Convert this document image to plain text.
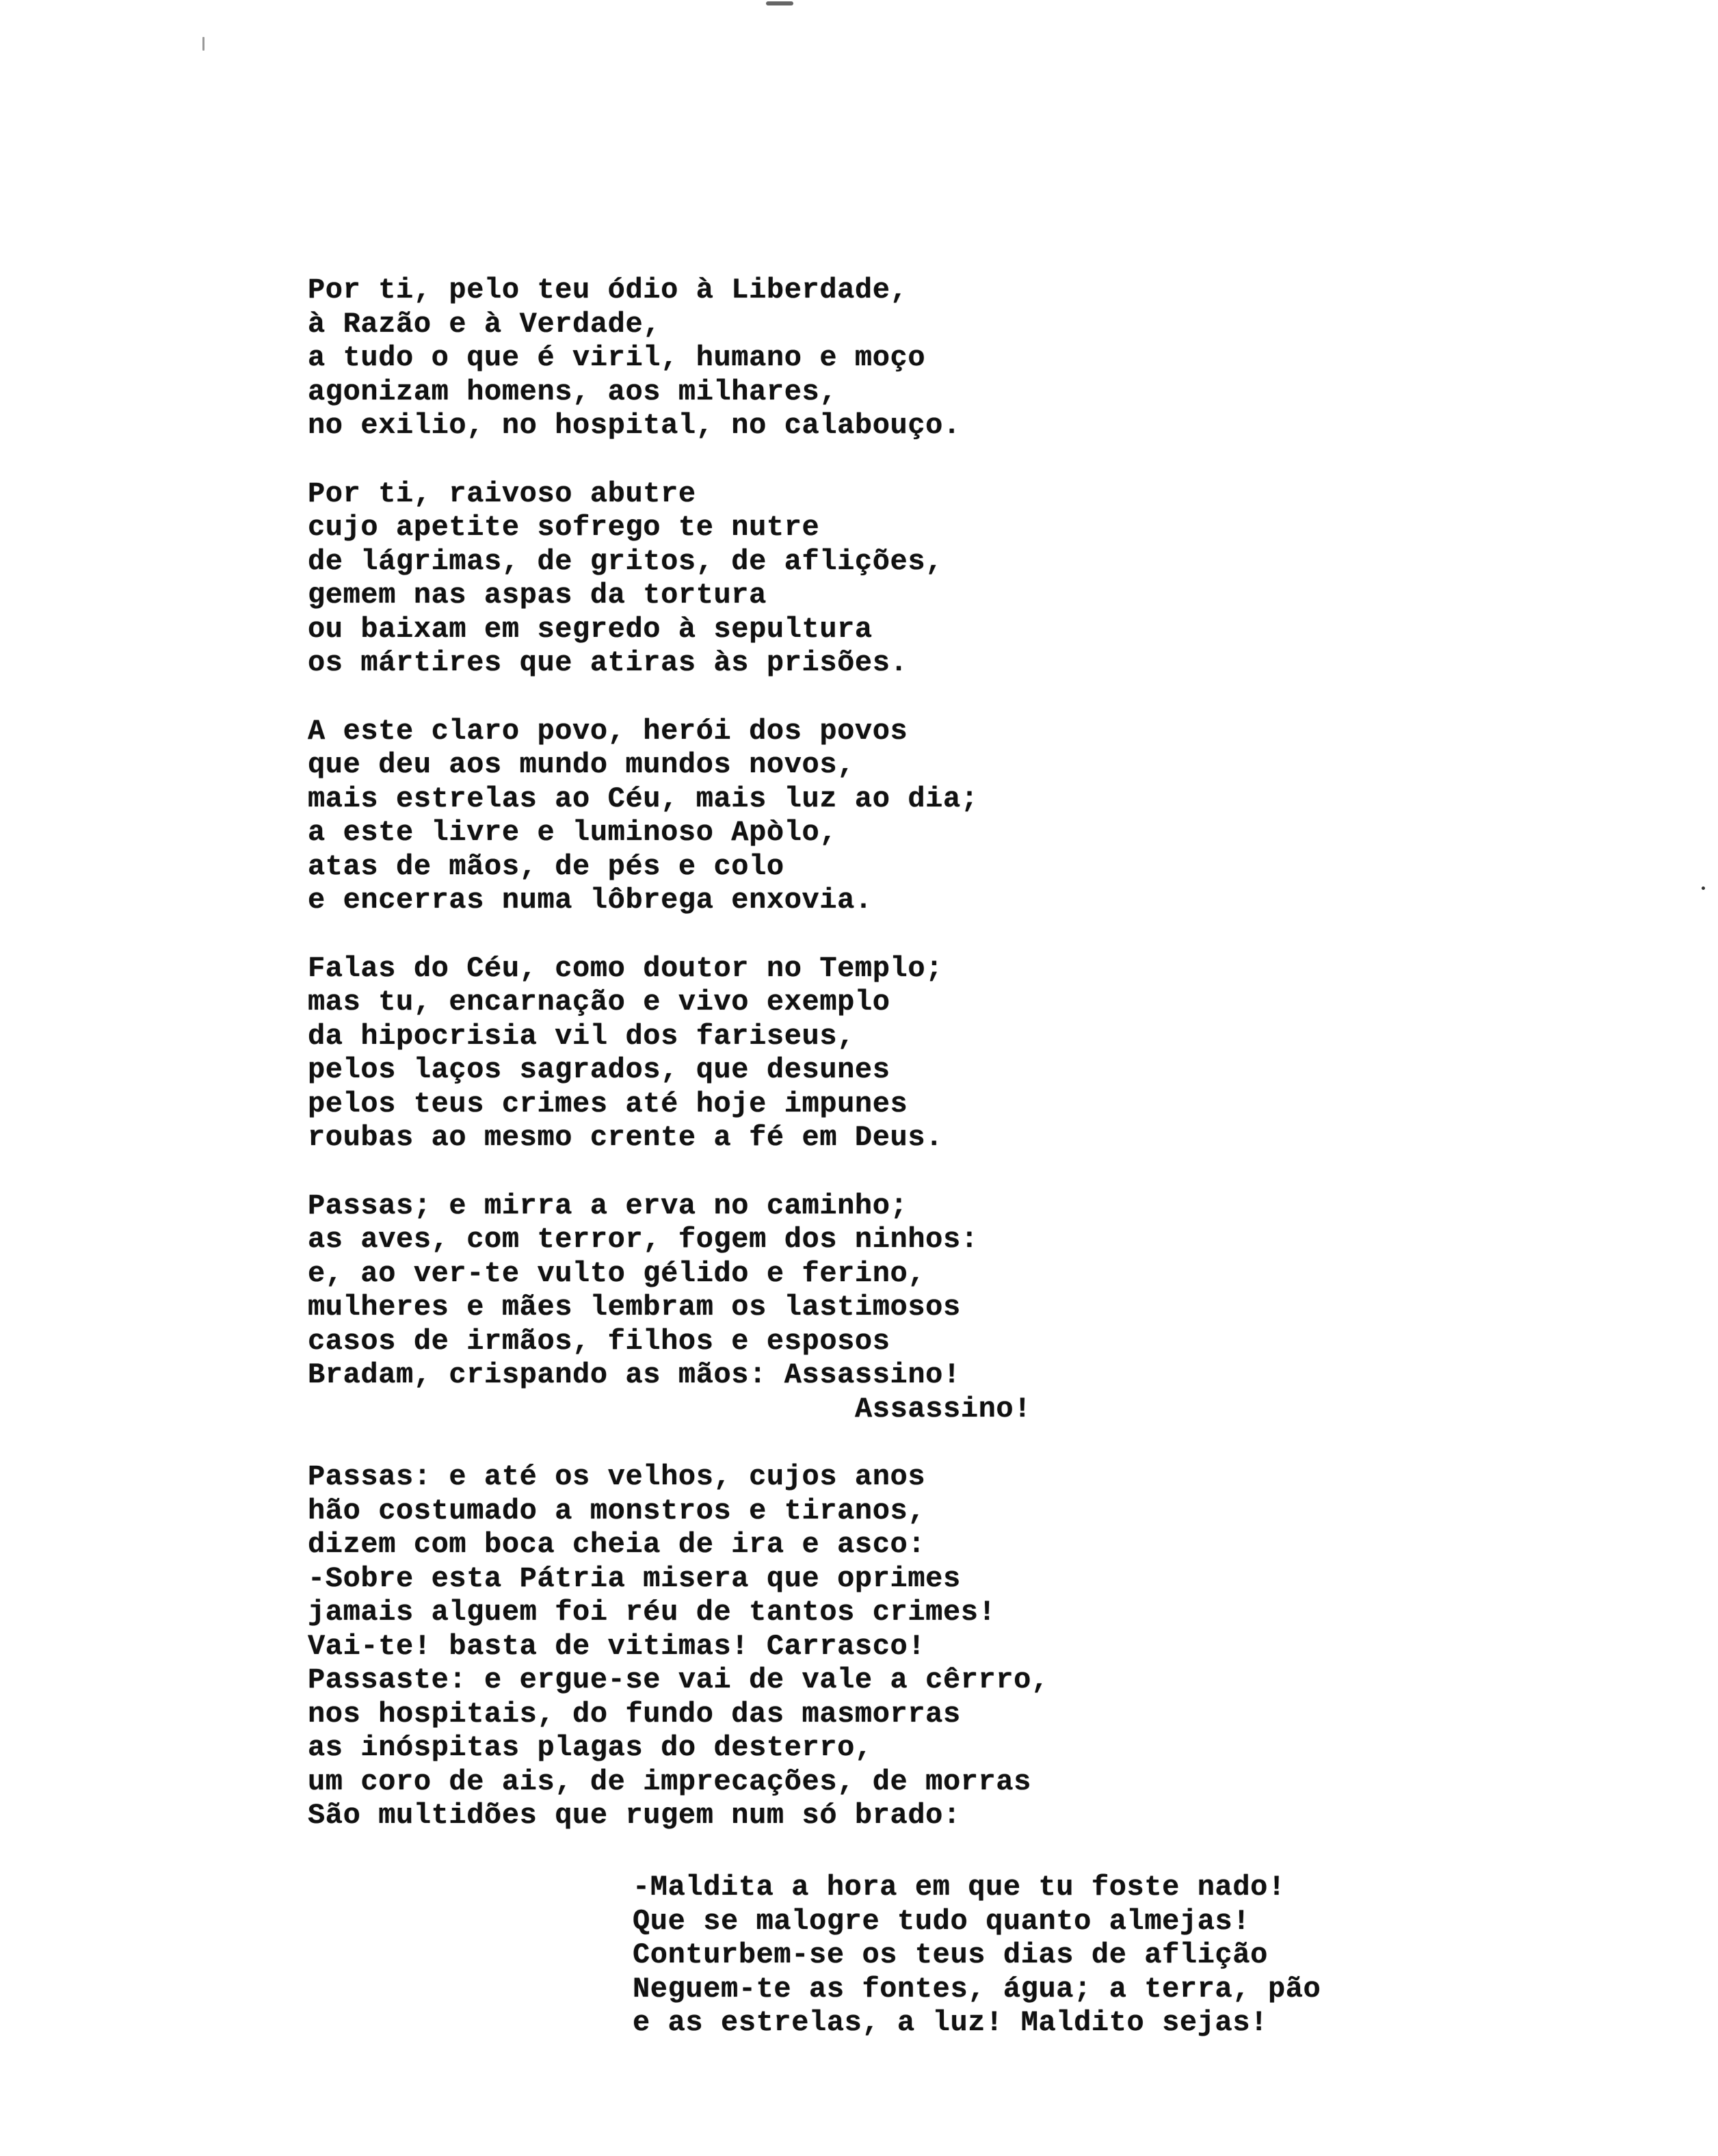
Por ti, pelo teu ódio à Liberdade,
à Razão e à Verdade,
a tudo o que é viril, humano e moço
agonizam homens, aos milhares,
no exilio, no hospital, no calabouço.
Por ti, raivoso abutre
cujo apetite sofrego te nutre
de lágrimas, de gritos, de aflições,
gemem nas aspas da tortura
ou baixam em segredo à sepultura
os mártires que atiras às prisões.
A este claro povo, herói dos povos
que deu aos mundo mundos novos,
mais estrelas ao Céu, mais luz ao dia;
a este livre e luminoso Apòlo,
atas de mãos, de pés e colo
e encerras numa lôbrega enxovia.
Falas do Céu, como doutor no Templo;
mas tu, encarnação e vivo exemplo
da hipocrisia vil dos fariseus,
pelos laços sagrados, que desunes
pelos teus crimes até hoje impunes
roubas ao mesmo crente a fé em Deus.
Passas; e mirra a erva no caminho;
as aves, com terror, fogem dos ninhos:
e, ao ver-te vulto gélido e ferino,
mulheres e mães lembram os lastimosos
casos de irmãos, filhos e esposos
Bradam, crispando as mãos: Assassino!
Assassino!
Passas: e até os velhos, cujos anos
hão costumado a monstros e tiranos,
dizem com boca cheia de ira e asco:
-Sobre esta Pátria misera que oprimes
jamais alguem foi réu de tantos crimes!
Vai-te! basta de vitimas! Carrasco!
Passaste: e ergue-se vai de vale a cêrrro,
nos hospitais, do fundo das masmorras
as inóspitas plagas do desterro,
um coro de ais, de imprecações, de morras
São multidões que rugem num só brado:
-Maldita a hora em que tu foste nado!
Que se malogre tudo quanto almejas!
Conturbem-se os teus dias de aflição
Neguem-te as fontes, água; a terra, pão
e as estrelas, a luz! Maldito sejas!
